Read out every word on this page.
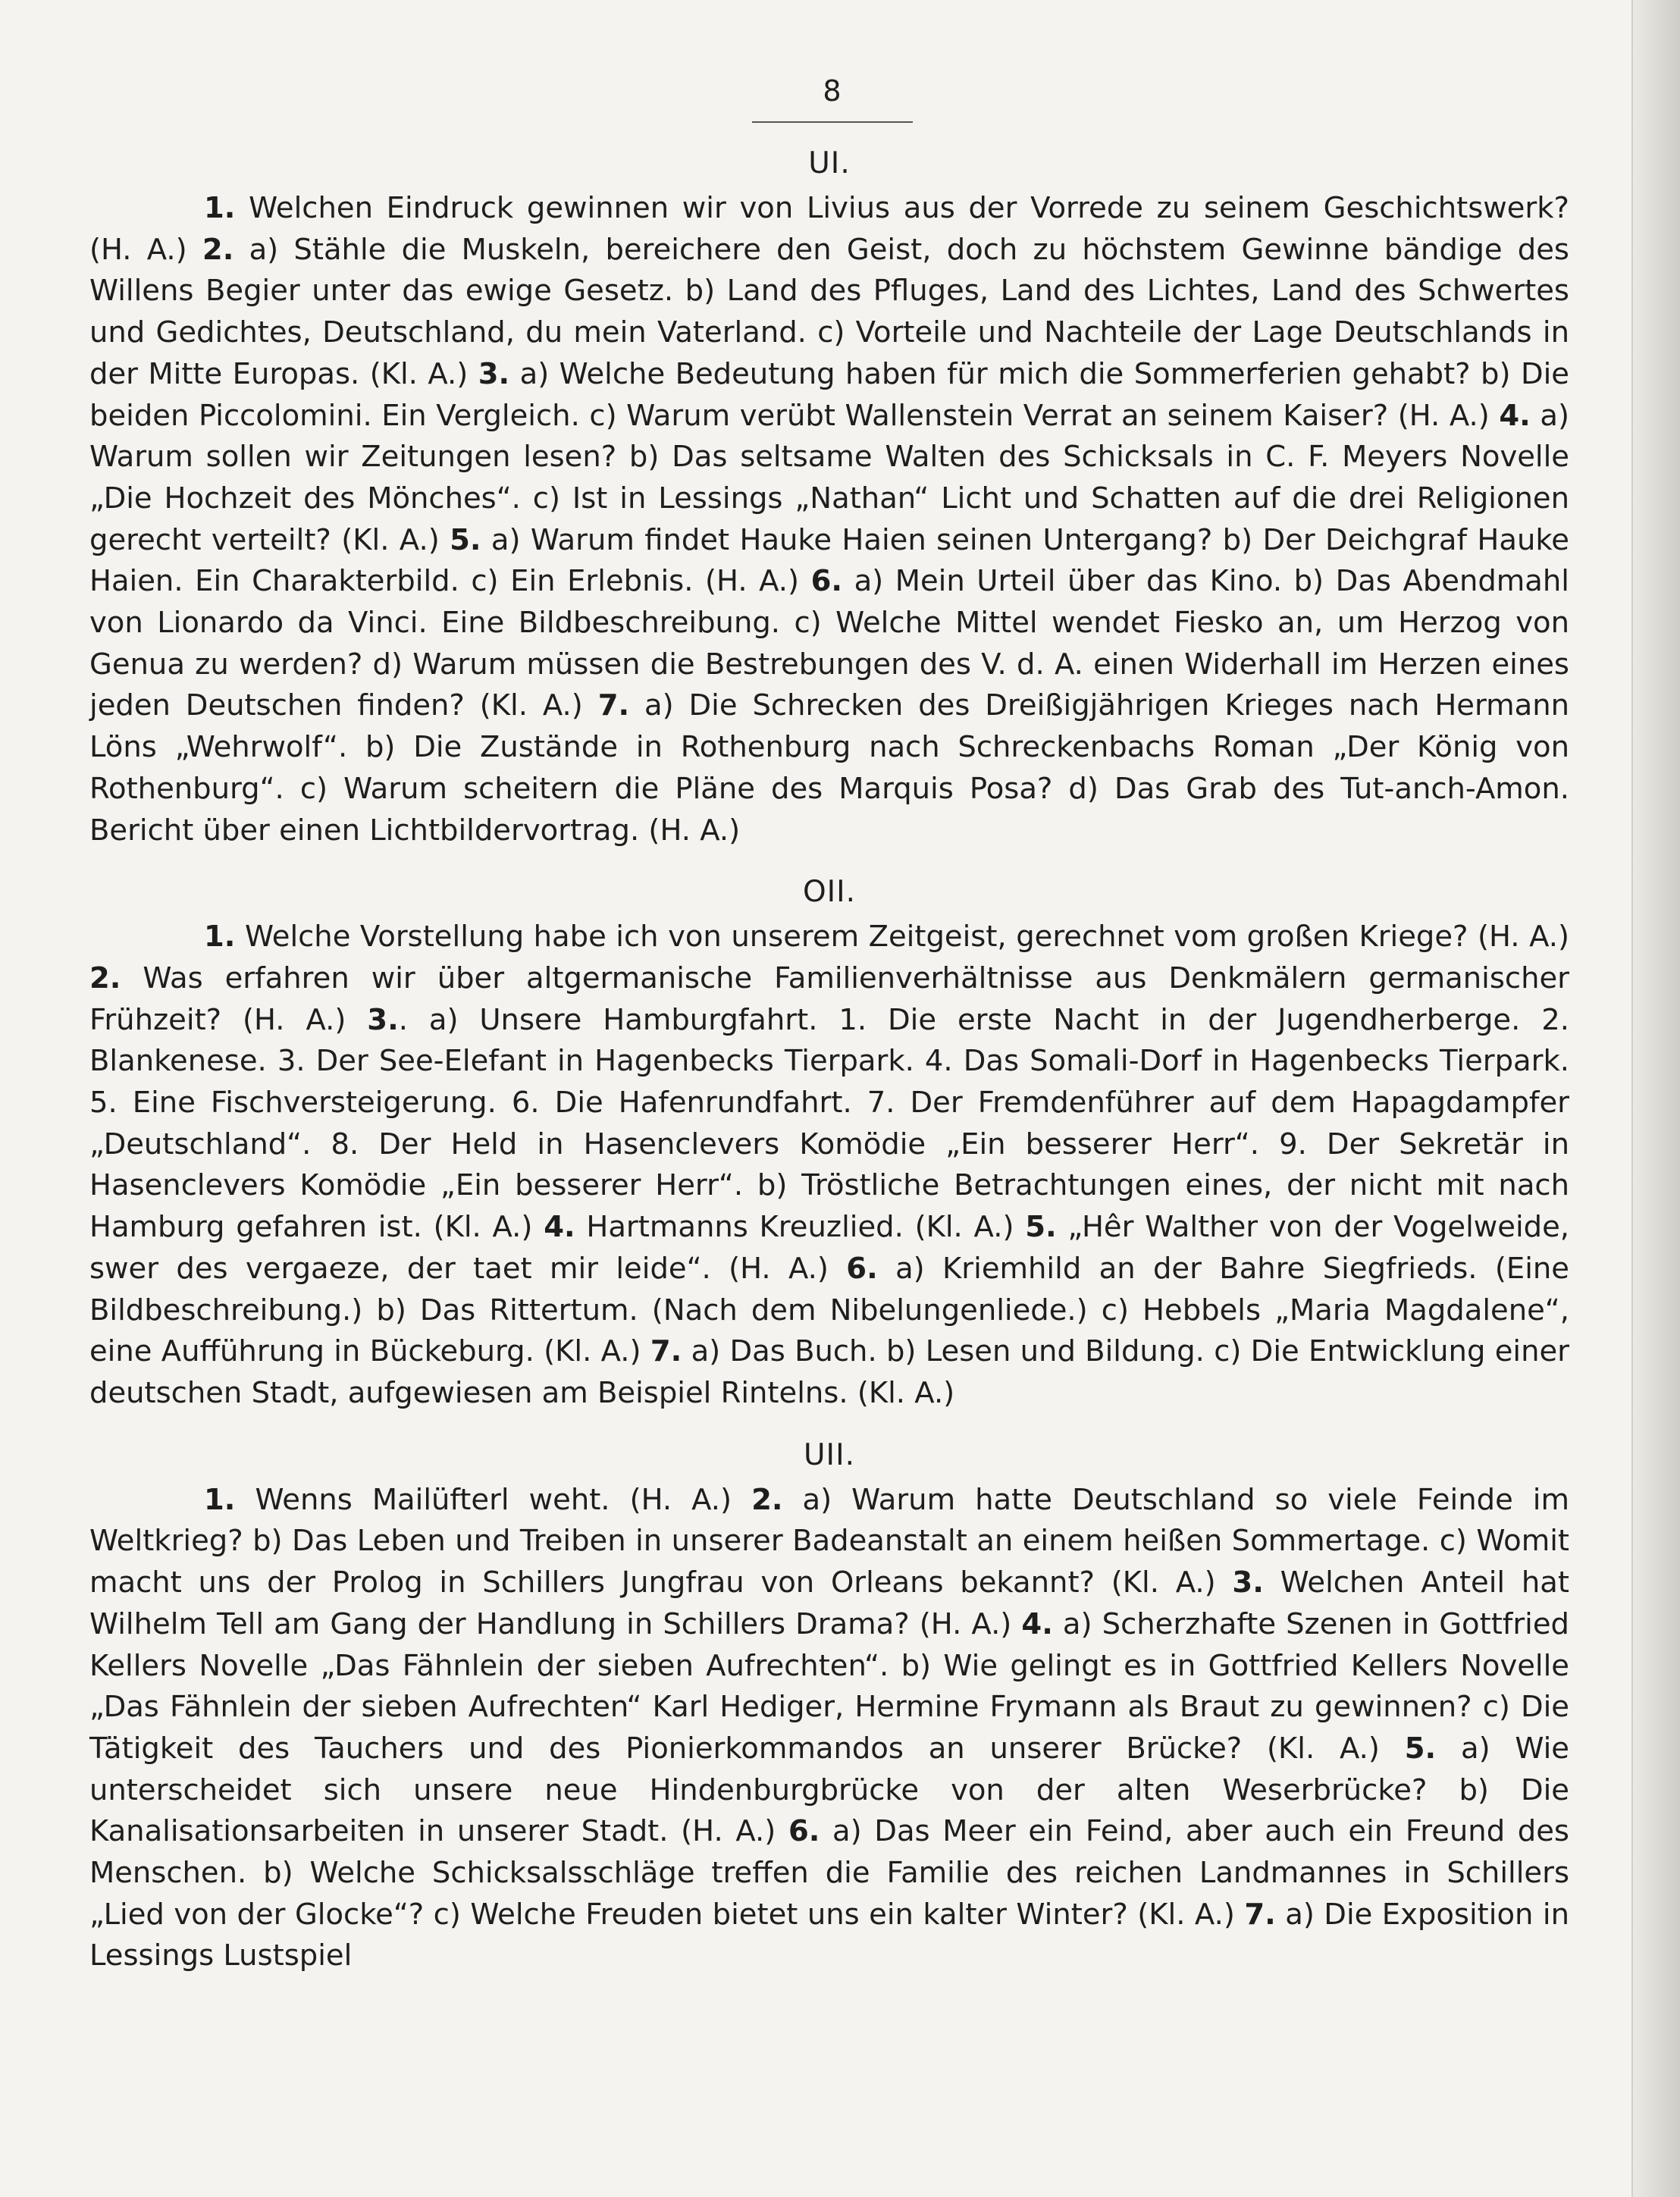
8
UI.

1. Welchen Eindruck gewinnen wir von Livius aus der Vorrede zu seinem Geschichtswerk? (H. A.) 2. a) Stähle die Muskeln, bereichere den Geist, doch zu höchstem Gewinne bändige des Willens Begier unter das ewige Gesetz. b) Land des Pfluges, Land des Lichtes, Land des Schwertes und Gedichtes, Deutschland, du mein Vaterland. c) Vorteile und Nachteile der Lage Deutschlands in der Mitte Europas. (Kl. A.) 3. a) Welche Bedeutung haben für mich die Sommerferien gehabt? b) Die beiden Piccolomini. Ein Vergleich. c) Warum verübt Wallenstein Verrat an seinem Kaiser? (H. A.) 4. a) Warum sollen wir Zeitungen lesen? b) Das seltsame Walten des Schicksals in C. F. Meyers Novelle „Die Hochzeit des Mönches“. c) Ist in Lessings „Nathan“ Licht und Schatten auf die drei Religionen gerecht verteilt? (Kl. A.) 5. a) Warum findet Hauke Haien seinen Untergang? b) Der Deichgraf Hauke Haien. Ein Charakterbild. c) Ein Erlebnis. (H. A.) 6. a) Mein Urteil über das Kino. b) Das Abendmahl von Lionardo da Vinci. Eine Bildbeschreibung. c) Welche Mittel wendet Fiesko an, um Herzog von Genua zu werden? d) Warum müssen die Bestrebungen des V. d. A. einen Widerhall im Herzen eines jeden Deutschen finden? (Kl. A.) 7. a) Die Schrecken des Dreißigjährigen Krieges nach Hermann Löns „Wehrwolf“. b) Die Zustände in Rothenburg nach Schreckenbachs Roman „Der König von Rothenburg“. c) Warum scheitern die Pläne des Marquis Posa? d) Das Grab des Tut-anch-Amon. Bericht über einen Lichtbildervortrag. (H. A.)

OII.

1. Welche Vorstellung habe ich von unserem Zeitgeist, gerechnet vom großen Kriege? (H. A.) 2. Was erfahren wir über altgermanische Familienverhältnisse aus Denkmälern germanischer Frühzeit? (H. A.) 3.. a) Unsere Hamburgfahrt. 1. Die erste Nacht in der Jugendherberge. 2. Blankenese. 3. Der See-Elefant in Hagenbecks Tierpark. 4. Das Somali-Dorf in Hagenbecks Tierpark. 5. Eine Fischversteigerung. 6. Die Hafenrundfahrt. 7. Der Fremdenführer auf dem Hapagdampfer „Deutschland“. 8. Der Held in Hasenclevers Komödie „Ein besserer Herr“. 9. Der Sekretär in Hasenclevers Komödie „Ein besserer Herr“. b) Tröstliche Betrachtungen eines, der nicht mit nach Hamburg gefahren ist. (Kl. A.) 4. Hartmanns Kreuzlied. (Kl. A.) 5. „Hêr Walther von der Vogelweide, swer des vergaeze, der taet mir leide“. (H. A.) 6. a) Kriemhild an der Bahre Siegfrieds. (Eine Bildbeschreibung.) b) Das Rittertum. (Nach dem Nibelungenliede.) c) Hebbels „Maria Magdalene“, eine Aufführung in Bückeburg. (Kl. A.) 7. a) Das Buch. b) Lesen und Bildung. c) Die Entwicklung einer deutschen Stadt, aufgewiesen am Beispiel Rintelns. (Kl. A.)

UII.

1. Wenns Mailüfterl weht. (H. A.) 2. a) Warum hatte Deutschland so viele Feinde im Weltkrieg? b) Das Leben und Treiben in unserer Badeanstalt an einem heißen Sommertage. c) Womit macht uns der Prolog in Schillers Jungfrau von Orleans bekannt? (Kl. A.) 3. Welchen Anteil hat Wilhelm Tell am Gang der Handlung in Schillers Drama? (H. A.) 4. a) Scherzhafte Szenen in Gottfried Kellers Novelle „Das Fähnlein der sieben Aufrechten“. b) Wie gelingt es in Gottfried Kellers Novelle „Das Fähnlein der sieben Aufrechten“ Karl Hediger, Hermine Frymann als Braut zu gewinnen? c) Die Tätigkeit des Tauchers und des Pionierkommandos an unserer Brücke? (Kl. A.) 5. a) Wie unterscheidet sich unsere neue Hindenburgbrücke von der alten Weserbrücke? b) Die Kanalisationsarbeiten in unserer Stadt. (H. A.) 6. a) Das Meer ein Feind, aber auch ein Freund des Menschen. b) Welche Schicksalsschläge treffen die Familie des reichen Landmannes in Schillers „Lied von der Glocke“? c) Welche Freuden bietet uns ein kalter Winter? (Kl. A.) 7. a) Die Exposition in Lessings Lustspiel
